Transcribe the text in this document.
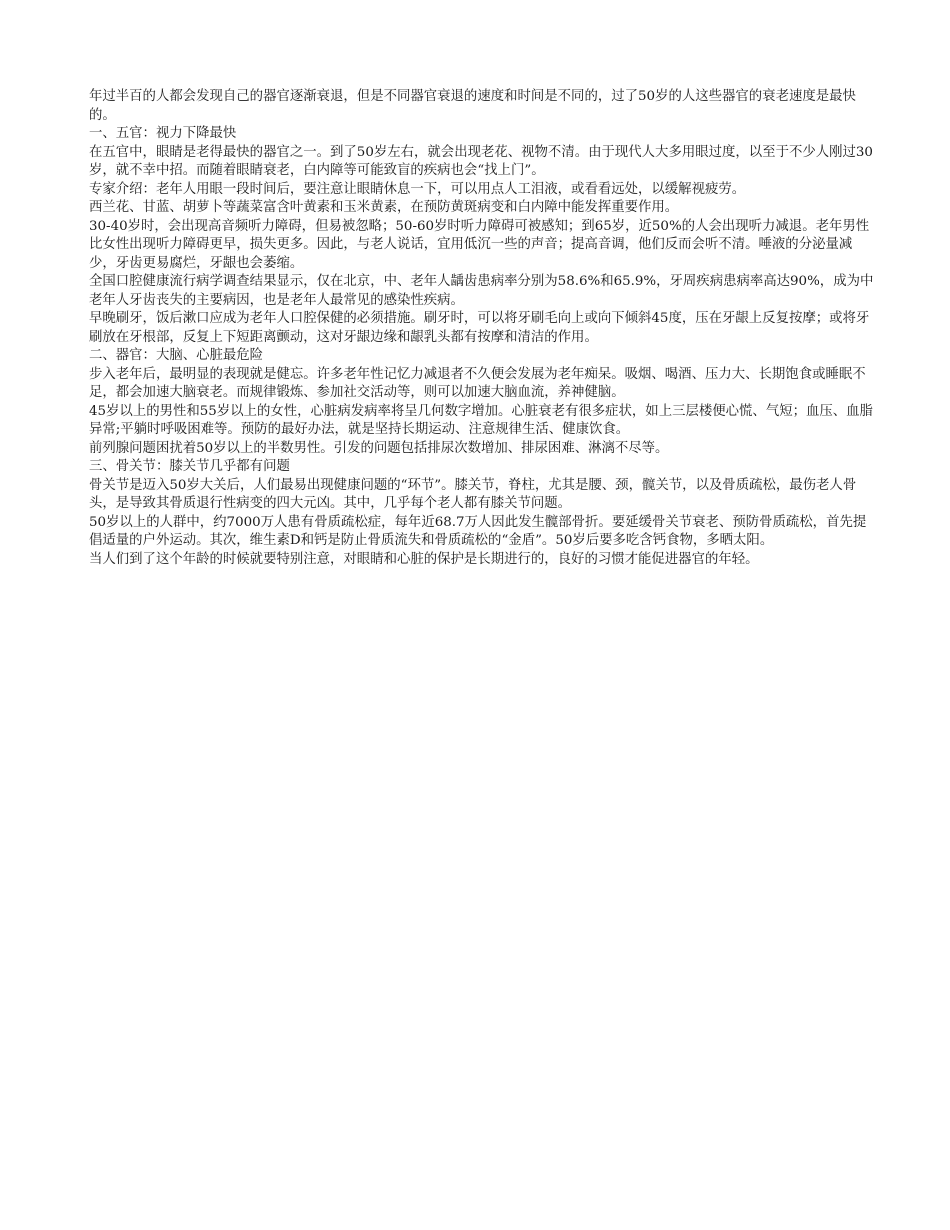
年过半百的人都会发现自己的器官逐渐衰退，但是不同器官衰退的速度和时间是不同的，过了50岁的人这些器官的衰老速度是最快的。

一、五官：视力下降最快

在五官中，眼睛是老得最快的器官之一。到了50岁左右，就会出现老花、视物不清。由于现代人大多用眼过度，以至于不少人刚过30岁，就不幸中招。而随着眼睛衰老，白内障等可能致盲的疾病也会“找上门”。

专家介绍：老年人用眼一段时间后，要注意让眼睛休息一下，可以用点人工泪液，或看看远处，以缓解视疲劳。

西兰花、甘蓝、胡萝卜等蔬菜富含叶黄素和玉米黄素，在预防黄斑病变和白内障中能发挥重要作用。

30-40岁时，会出现高音频听力障碍，但易被忽略；50-60岁时听力障碍可被感知；到65岁，近50%的人会出现听力减退。老年男性比女性出现听力障碍更早，损失更多。因此，与老人说话，宜用低沉一些的声音；提高音调，他们反而会听不清。唾液的分泌量减少，牙齿更易腐烂，牙龈也会萎缩。

全国口腔健康流行病学调查结果显示，仅在北京，中、老年人龋齿患病率分别为58.6%和65.9%，牙周疾病患病率高达90%，成为中老年人牙齿丧失的主要病因，也是老年人最常见的感染性疾病。

早晚刷牙，饭后漱口应成为老年人口腔保健的必须措施。刷牙时，可以将牙刷毛向上或向下倾斜45度，压在牙龈上反复按摩；或将牙刷放在牙根部，反复上下短距离颤动，这对牙龈边缘和龈乳头都有按摩和清洁的作用。

二、器官：大脑、心脏最危险

步入老年后，最明显的表现就是健忘。许多老年性记忆力减退者不久便会发展为老年痴呆。吸烟、喝酒、压力大、长期饱食或睡眠不足，都会加速大脑衰老。而规律锻炼、参加社交活动等，则可以加速大脑血流，养神健脑。

45岁以上的男性和55岁以上的女性，心脏病发病率将呈几何数字增加。心脏衰老有很多症状，如上三层楼便心慌、气短；血压、血脂异常;平躺时呼吸困难等。预防的最好办法，就是坚持长期运动、注意规律生活、健康饮食。

前列腺问题困扰着50岁以上的半数男性。引发的问题包括排尿次数增加、排尿困难、淋漓不尽等。

三、骨关节：膝关节几乎都有问题

骨关节是迈入50岁大关后，人们最易出现健康问题的“环节”。膝关节，脊柱，尤其是腰、颈，髋关节，以及骨质疏松，最伤老人骨头，是导致其骨质退行性病变的四大元凶。其中，几乎每个老人都有膝关节问题。

50岁以上的人群中，约7000万人患有骨质疏松症，每年近68.7万人因此发生髋部骨折。要延缓骨关节衰老、预防骨质疏松，首先提倡适量的户外运动。其次，维生素D和钙是防止骨质流失和骨质疏松的“金盾”。50岁后要多吃含钙食物，多晒太阳。

当人们到了这个年龄的时候就要特别注意，对眼睛和心脏的保护是长期进行的，良好的习惯才能促进器官的年轻。
